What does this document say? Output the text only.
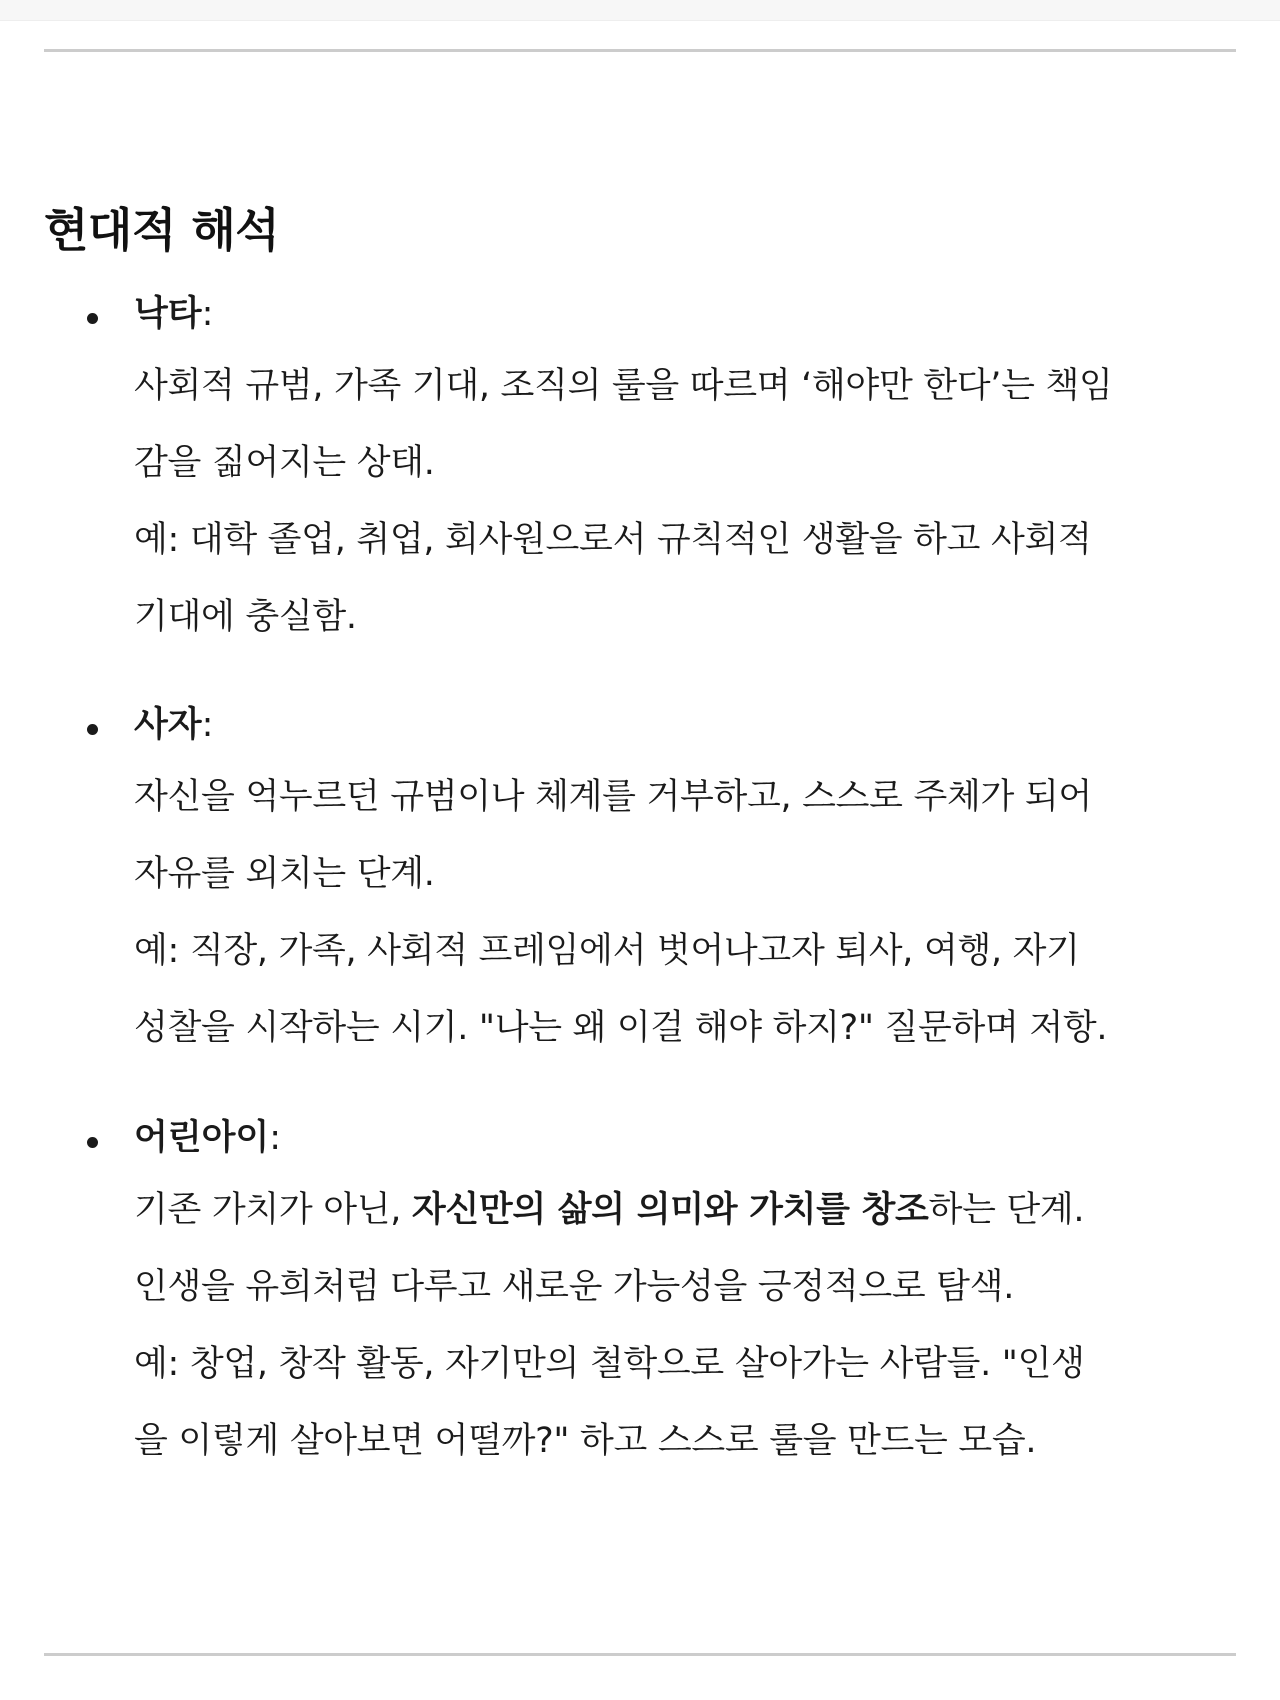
현대적 해석
낙타:
사회적 규범, 가족 기대, 조직의 룰을 따르며 ‘해야만 한다’는 책임
감을 짊어지는 상태.
예: 대학 졸업, 취업, 회사원으로서 규칙적인 생활을 하고 사회적
기대에 충실함.
사자:
자신을 억누르던 규범이나 체계를 거부하고, 스스로 주체가 되어
자유를 외치는 단계.
예: 직장, 가족, 사회적 프레임에서 벗어나고자 퇴사, 여행, 자기
성찰을 시작하는 시기. "나는 왜 이걸 해야 하지?" 질문하며 저항.
어린아이:
기존 가치가 아닌, 자신만의 삶의 의미와 가치를 창조하는 단계.
인생을 유희처럼 다루고 새로운 가능성을 긍정적으로 탐색.
예: 창업, 창작 활동, 자기만의 철학으로 살아가는 사람들. "인생
을 이렇게 살아보면 어떨까?" 하고 스스로 룰을 만드는 모습.
